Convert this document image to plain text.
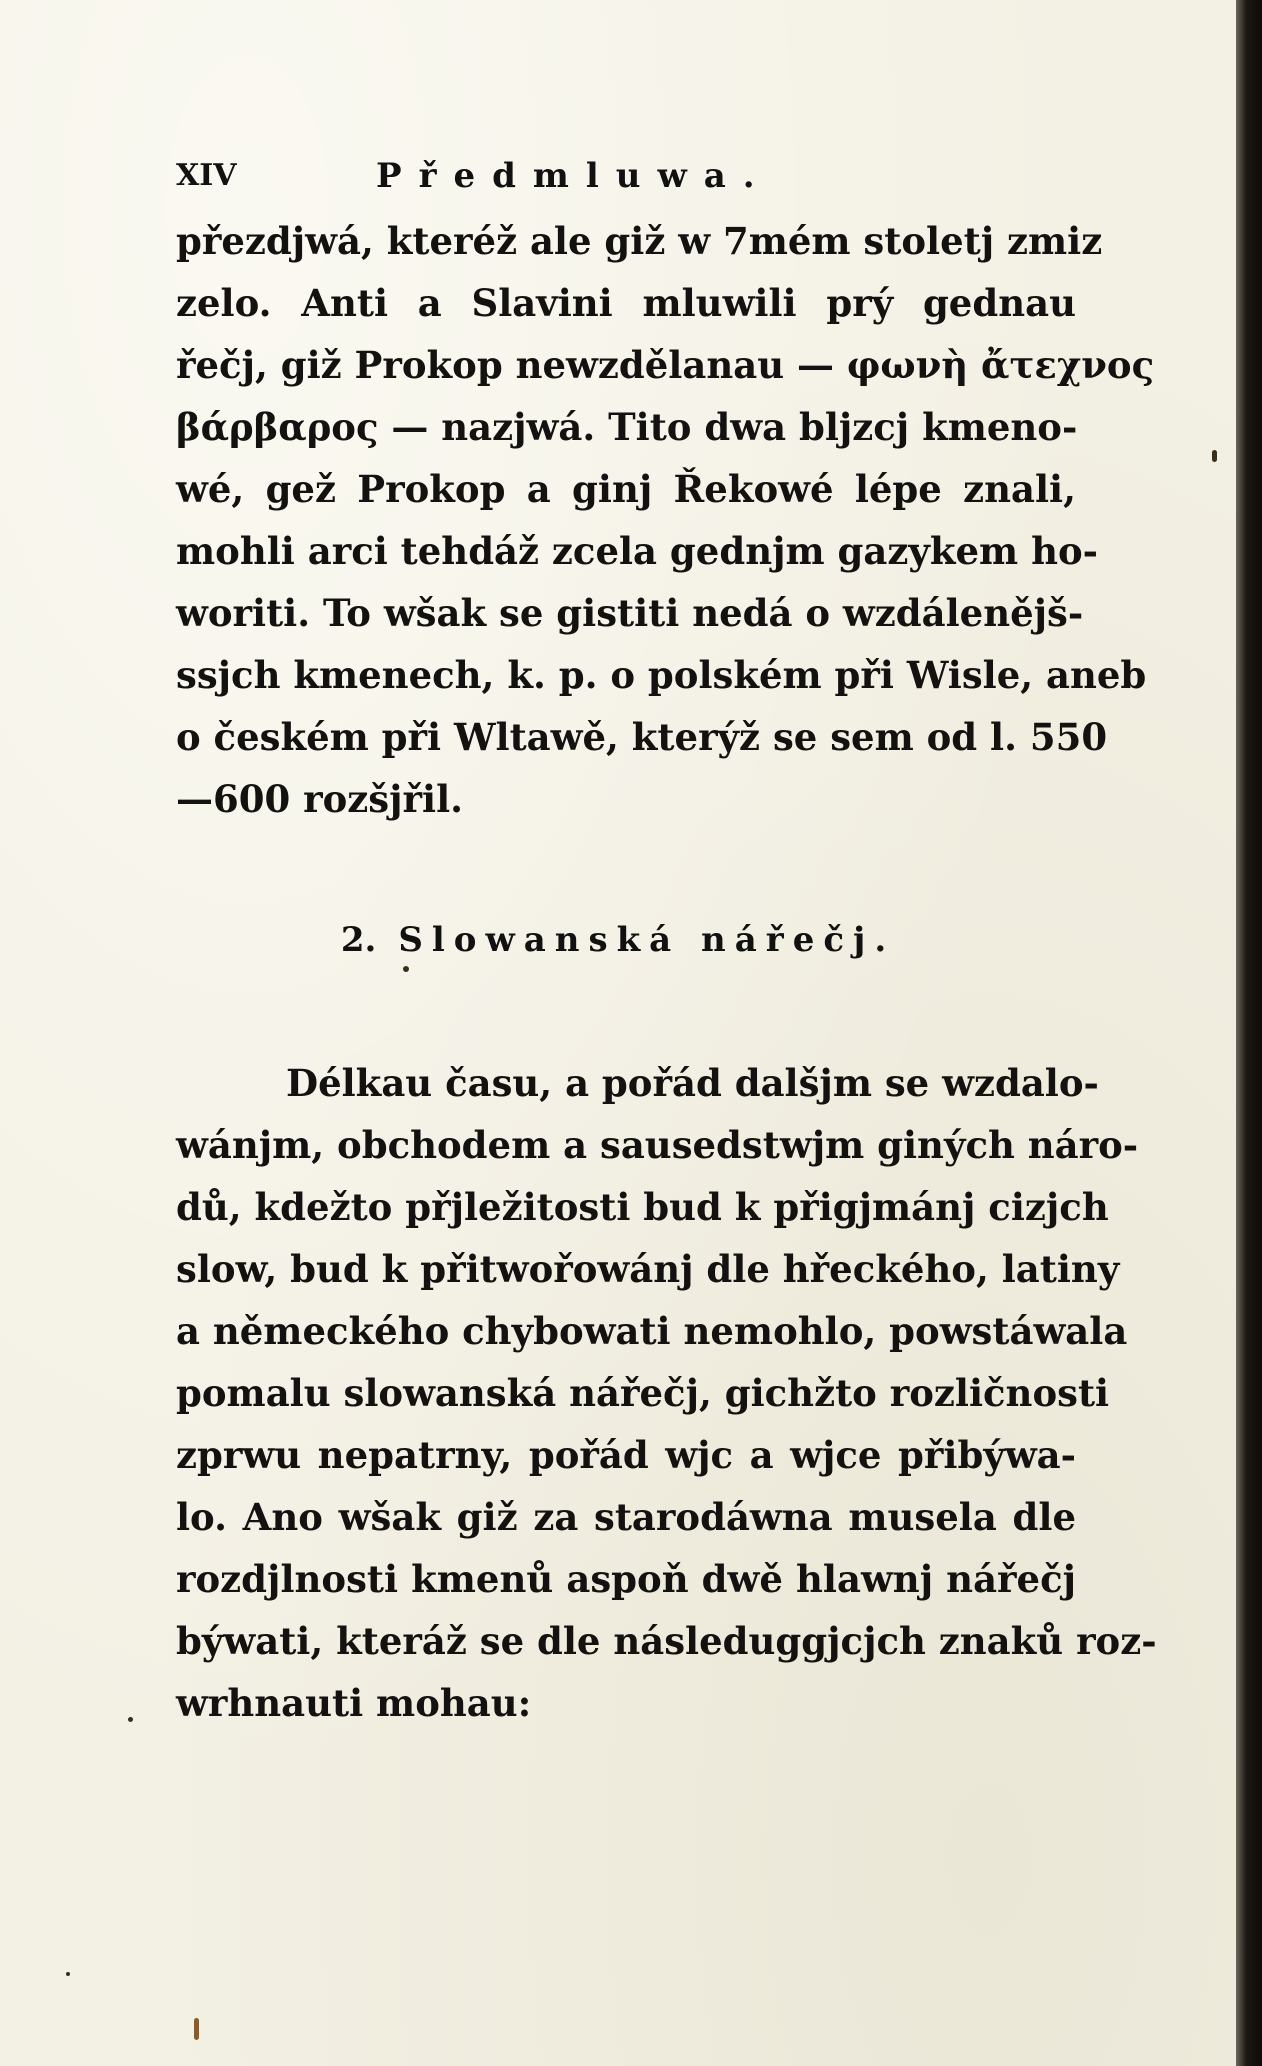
XIV	Předmluwa.
přezdjwá, kteréž ale giž w 7mém stoletj zmiz
zelo. Anti a Slavini mluwili prý gednau
řečj, giž Prokop newzdělanau — φωνὴ ἄτεχνος
βάρβαρος — nazjwá. Tito dwa bljzcj kmeno-
wé, gež Prokop a ginj Řekowé lépe znali,
mohli arci tehdáž zcela gednjm gazykem ho-
woriti. To wšak se gistiti nedá o wzdálenějš-
ssjch kmenech, k. p. o polském při Wisle, aneb
o českém při Wltawě, kterýž se sem od l. 550
—600 rozšjřil.
2. Slowanská nářečj.
Délkau času, a pořád dalšjm se wzdalo-
wánjm, obchodem a sausedstwjm giných náro-
dů, kdežto přjležitosti bud k přigjmánj cizjch
slow, bud k přitwořowánj dle hřeckého, latiny
a německého chybowati nemohlo, powstáwala
pomalu slowanská nářečj, gichžto rozličnosti
zprwu nepatrny, pořád wjc a wjce přibýwa-
lo. Ano wšak giž za starodáwna musela dle
rozdjlnosti kmenů aspoň dwě hlawnj nářečj
býwati, kteráž se dle následuggjcjch znaků roz-
wrhnauti mohau:
